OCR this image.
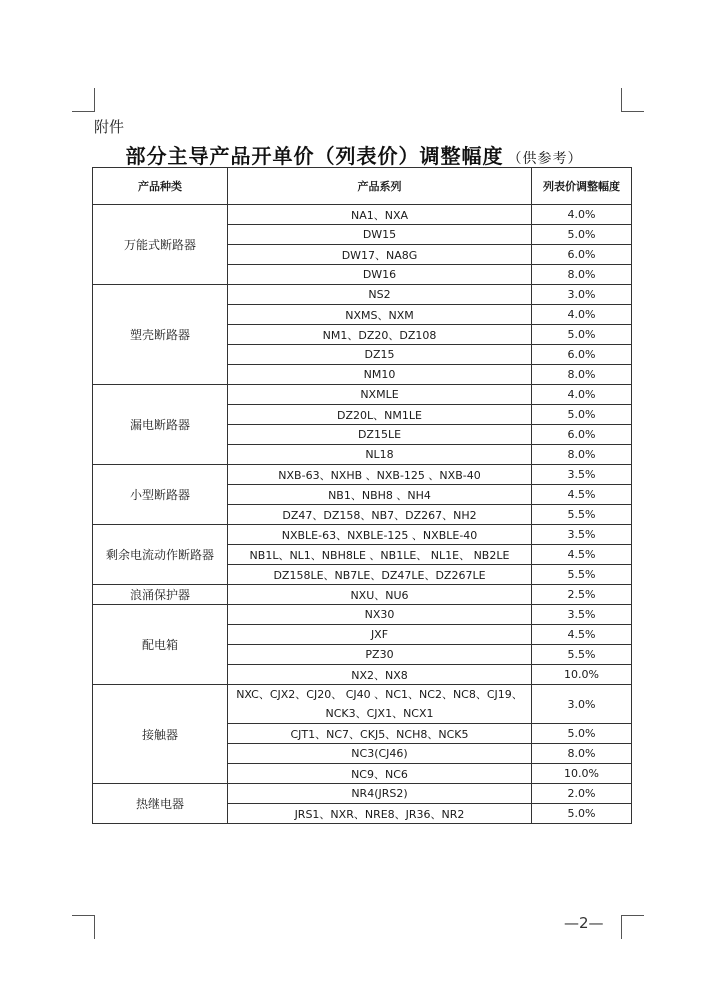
附件
部分主导产品开单价（列表价）调整幅度 （供参考）
产品种类	产品系列	列表价调整幅度
万能式断路器	NA1、NXA	4.0%
	DW15	5.0%
	DW17、NA8G	6.0%
	DW16	8.0%
塑壳断路器	NS2	3.0%
	NXMS、NXM	4.0%
	NM1、DZ20、DZ108	5.0%
	DZ15	6.0%
	NM10	8.0%
漏电断路器	NXMLE	4.0%
	DZ20L、NM1LE	5.0%
	DZ15LE	6.0%
	NL18	8.0%
小型断路器	NXB-63、NXHB 、NXB-125 、NXB-40	3.5%
	NB1、NBH8 、NH4	4.5%
	DZ47、DZ158、NB7、DZ267、NH2	5.5%
剩余电流动作断路器	NXBLE-63、NXBLE-125 、NXBLE-40	3.5%
	NB1L、NL1、NBH8LE 、NB1LE、 NL1E、 NB2LE	4.5%
	DZ158LE、NB7LE、DZ47LE、DZ267LE	5.5%
浪涌保护器	NXU、NU6	2.5%
配电箱	NX30	3.5%
	JXF	4.5%
	PZ30	5.5%
	NX2、NX8	10.0%
接触器	NXC、CJX2、CJ20、 CJ40 、NC1、NC2、NC8、CJ19、NCK3、CJX1、NCX1	3.0%
	CJT1、NC7、CKJ5、NCH8、NCK5	5.0%
	NC3(CJ46)	8.0%
	NC9、NC6	10.0%
热继电器	NR4(JRS2)	2.0%
	JRS1、NXR、NRE8、JR36、NR2	5.0%
—2—
